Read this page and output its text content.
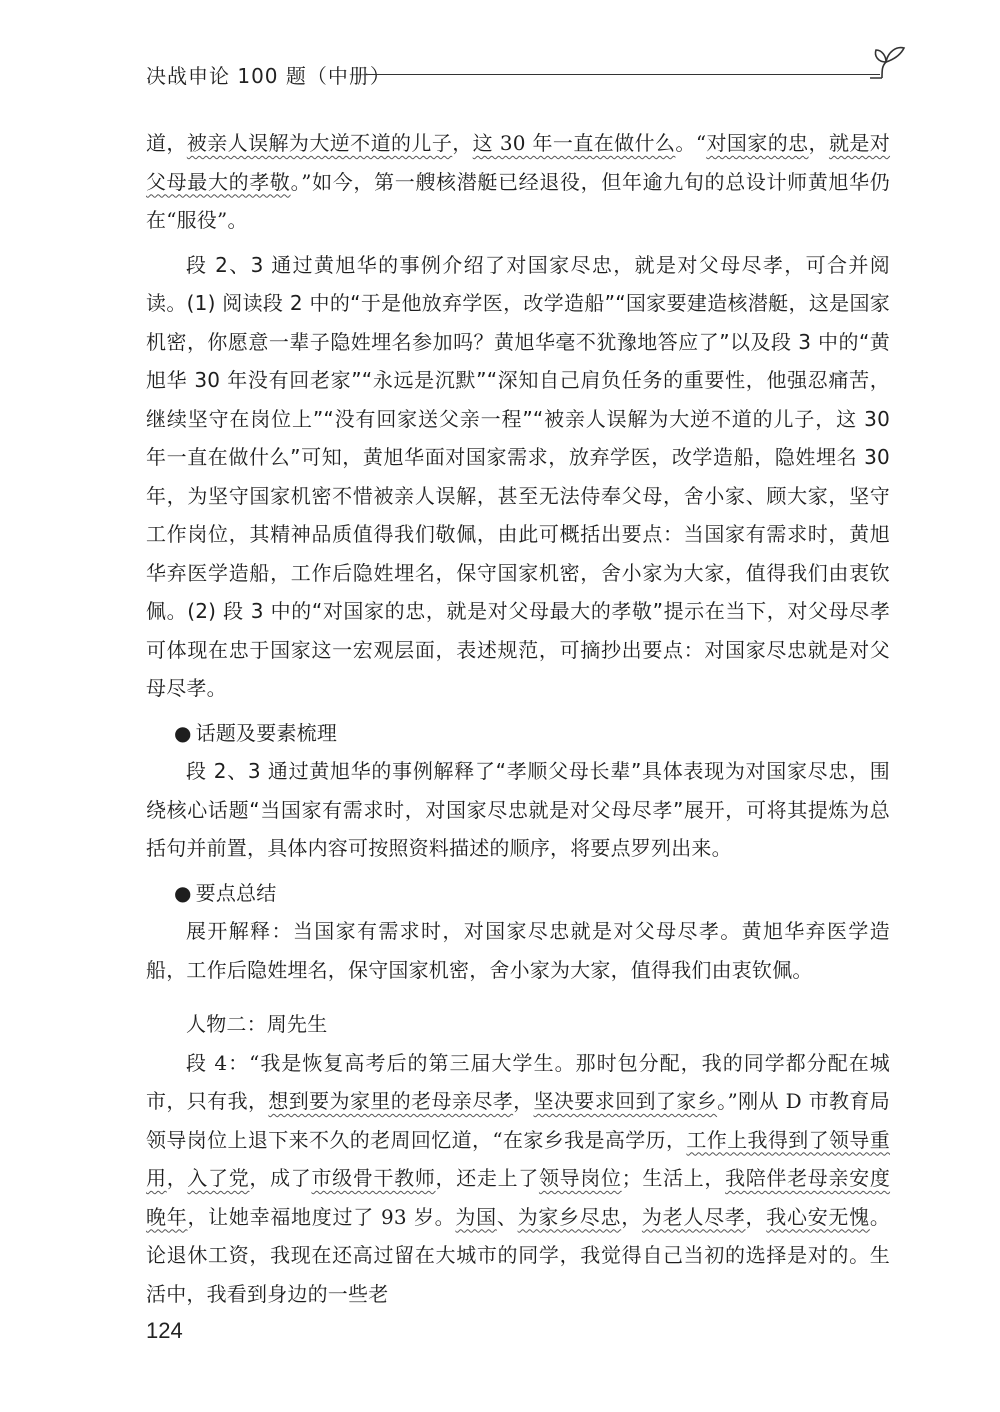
决战申论 100 题（中册）

道，被亲人误解为大逆不道的儿子，这 30 年一直在做什么。“对国家的忠，就是对父母最大的孝敬。”如今，第一艘核潜艇已经退役，但年逾九旬的总设计师黄旭华仍在“服役”。

段 2、3 通过黄旭华的事例介绍了对国家尽忠，就是对父母尽孝，可合并阅读。(1) 阅读段 2 中的“于是他放弃学医，改学造船”“国家要建造核潜艇，这是国家机密，你愿意一辈子隐姓埋名参加吗？黄旭华毫不犹豫地答应了”以及段 3 中的“黄旭华 30 年没有回老家”“永远是沉默”“深知自己肩负任务的重要性，他强忍痛苦，继续坚守在岗位上”“没有回家送父亲一程”“被亲人误解为大逆不道的儿子，这 30 年一直在做什么”可知，黄旭华面对国家需求，放弃学医，改学造船，隐姓埋名 30 年，为坚守国家机密不惜被亲人误解，甚至无法侍奉父母，舍小家、顾大家，坚守工作岗位，其精神品质值得我们敬佩，由此可概括出要点：当国家有需求时，黄旭华弃医学造船，工作后隐姓埋名，保守国家机密，舍小家为大家，值得我们由衷钦佩。(2) 段 3 中的“对国家的忠，就是对父母最大的孝敬”提示在当下，对父母尽孝可体现在忠于国家这一宏观层面，表述规范，可摘抄出要点：对国家尽忠就是对父母尽孝。

● 话题及要素梳理

段 2、3 通过黄旭华的事例解释了“孝顺父母长辈”具体表现为对国家尽忠，围绕核心话题“当国家有需求时，对国家尽忠就是对父母尽孝”展开，可将其提炼为总括句并前置，具体内容可按照资料描述的顺序，将要点罗列出来。

● 要点总结

展开解释：当国家有需求时，对国家尽忠就是对父母尽孝。黄旭华弃医学造船，工作后隐姓埋名，保守国家机密，舍小家为大家，值得我们由衷钦佩。

人物二：周先生

段 4：“我是恢复高考后的第三届大学生。那时包分配，我的同学都分配在城市，只有我，想到要为家里的老母亲尽孝，坚决要求回到了家乡。”刚从 D 市教育局领导岗位上退下来不久的老周回忆道，“在家乡我是高学历，工作上我得到了领导重用，入了党，成了市级骨干教师，还走上了领导岗位；生活上，我陪伴老母亲安度晚年，让她幸福地度过了 93 岁。为国、为家乡尽忠，为老人尽孝，我心安无愧。论退休工资，我现在还高过留在大城市的同学，我觉得自己当初的选择是对的。生活中，我看到身边的一些老

124
